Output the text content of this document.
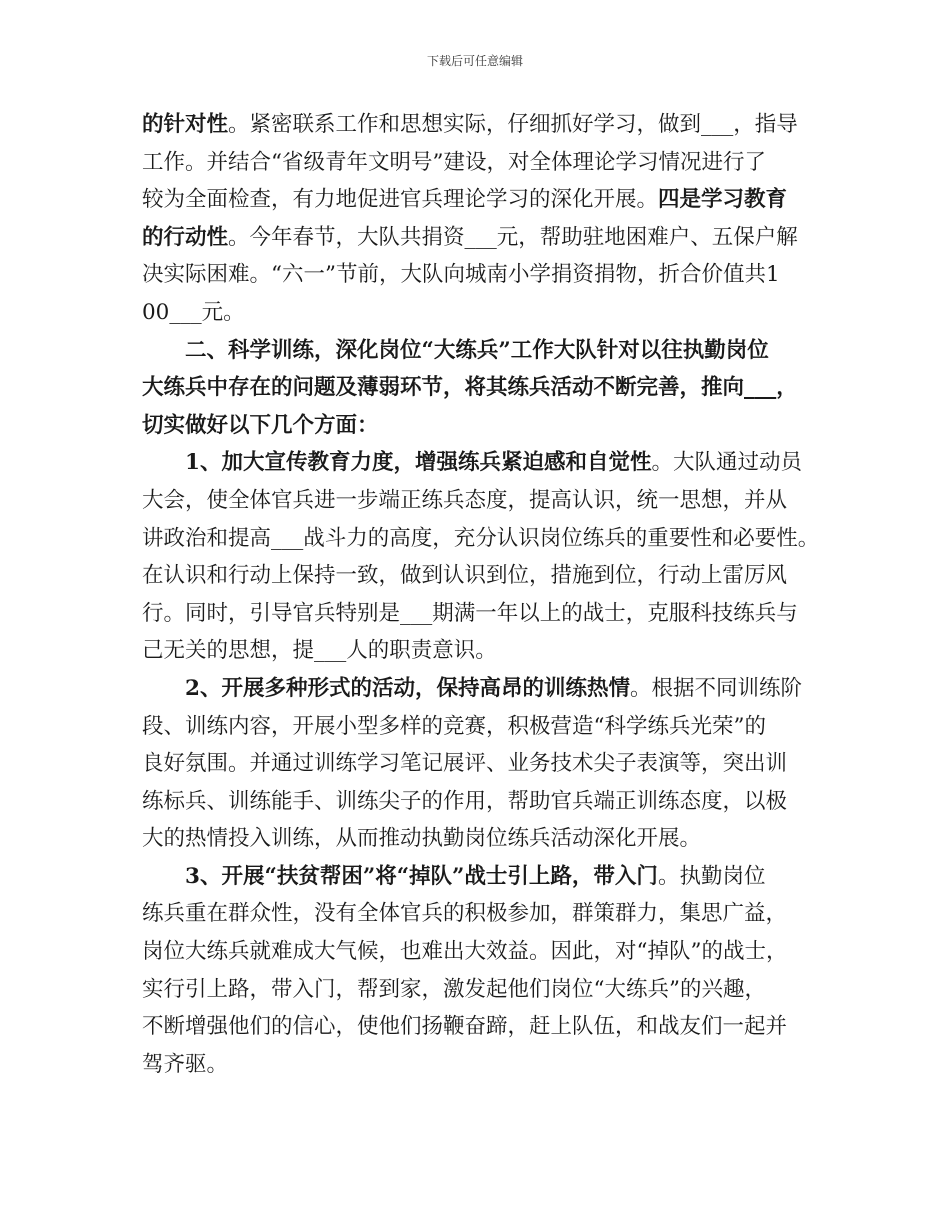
下载后可任意编辑
的针对性。紧密联系工作和思想实际，仔细抓好学习，做到___，指导
工作。并结合“省级青年文明号”建设，对全体理论学习情况进行了
较为全面检查，有力地促进官兵理论学习的深化开展。四是学习教育
的行动性。今年春节，大队共捐资___元，帮助驻地困难户、五保户解
决实际困难。“六一”节前，大队向城南小学捐资捐物，折合价值共1
00___元。
　　二、科学训练，深化岗位“大练兵”工作大队针对以往执勤岗位
大练兵中存在的问题及薄弱环节，将其练兵活动不断完善，推向___，
切实做好以下几个方面：
　　1、加大宣传教育力度，增强练兵紧迫感和自觉性。大队通过动员
大会，使全体官兵进一步端正练兵态度，提高认识，统一思想，并从
讲政治和提高___战斗力的高度，充分认识岗位练兵的重要性和必要性。
在认识和行动上保持一致，做到认识到位，措施到位，行动上雷厉风
行。同时，引导官兵特别是___期满一年以上的战士，克服科技练兵与
己无关的思想，提___人的职责意识。
　　2、开展多种形式的活动，保持高昂的训练热情。根据不同训练阶
段、训练内容，开展小型多样的竞赛，积极营造“科学练兵光荣”的
良好氛围。并通过训练学习笔记展评、业务技术尖子表演等，突出训
练标兵、训练能手、训练尖子的作用，帮助官兵端正训练态度，以极
大的热情投入训练，从而推动执勤岗位练兵活动深化开展。
　　3、开展“扶贫帮困”将“掉队”战士引上路，带入门。执勤岗位
练兵重在群众性，没有全体官兵的积极参加，群策群力，集思广益，
岗位大练兵就难成大气候，也难出大效益。因此，对“掉队”的战士，
实行引上路，带入门，帮到家，激发起他们岗位“大练兵”的兴趣，
不断增强他们的信心，使他们扬鞭奋蹄，赶上队伍，和战友们一起并
驾齐驱。
